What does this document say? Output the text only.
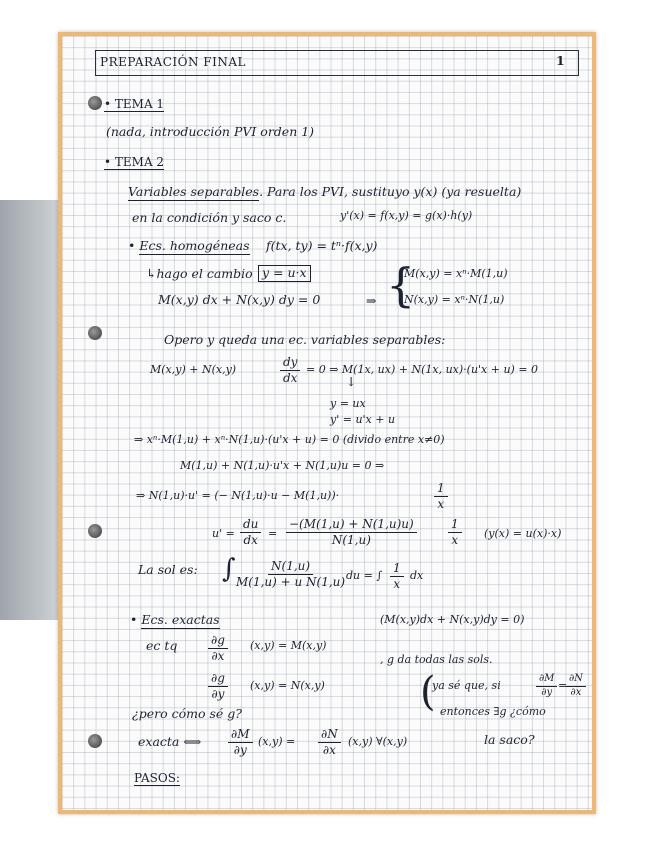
PREPARACIÓN FINAL	1
• TEMA 1
(nada, introducción PVI orden 1)
• TEMA 2
Variables separables. Para los PVI, sustituyo y(x) (ya resuelta)
en la condición y saco c.	y'(x) = f(x,y) = g(x)·h(y)
• Ecs. homogéneas f(tx, ty) = tⁿ·f(x,y)
↳hago el cambio y = u·x
M(x,y) dx + N(x,y) dy = 0	⇒ {
M(x,y) = xⁿ·M(1,u)
N(x,y) = xⁿ·N(1,u)
Opero y queda una ec. variables separables:
M(x,y) + N(x,y)	$\frac{dy}{dx} = 0$ ⇒ M(1x, ux) + N(1x, ux)·(u'x + u) = 0
↓
y = ux
y' = u'x + u
⇒ xⁿ·M(1,u) + xⁿ·N(1,u)·(u'x + u) = 0 (divido entre x≠0)
M(1,u) + N(1,u)·u'x + N(1,u)u = 0 ⇒
⇒ N(1,u)·u' = (− N(1,u)·u − M(1,u))·	$\frac{1}{x}$
$u' = \frac{du}{dx} = \frac{-(M(1,u) + N(1,u)u)}{N(1,u)}$	$\frac{1}{x} (y(x) = u(x)\cdot x)$
La sol es: ∫ $\frac{N(1,u)}{\text{M(1,u) + u N(1,u)}}$ du = ∫ $\frac{1}{x}$ dx
• Ecs. exactas	(M(x,y)dx + N(x,y)dy = 0)
ec tq	$\frac{\partial g}{\partial x} (x,y) = M(x,y)$
, g da todas las sols.
$\frac{\partial g}{\partial y} (x,y) = N(x,y)$ (
ya sé que, si	$\frac{\partial M}{\partial y}$ =
$\frac{\partial N}{\partial x}$
entonces ∃g ¿cómo
¿pero cómo sé g?
exacta ⟺ $\frac{\partial M}{\partial y} (x,y) = \frac{\partial N}{\partial x} (x,y)$ ∀(x,y)	la saco?
PASOS:
